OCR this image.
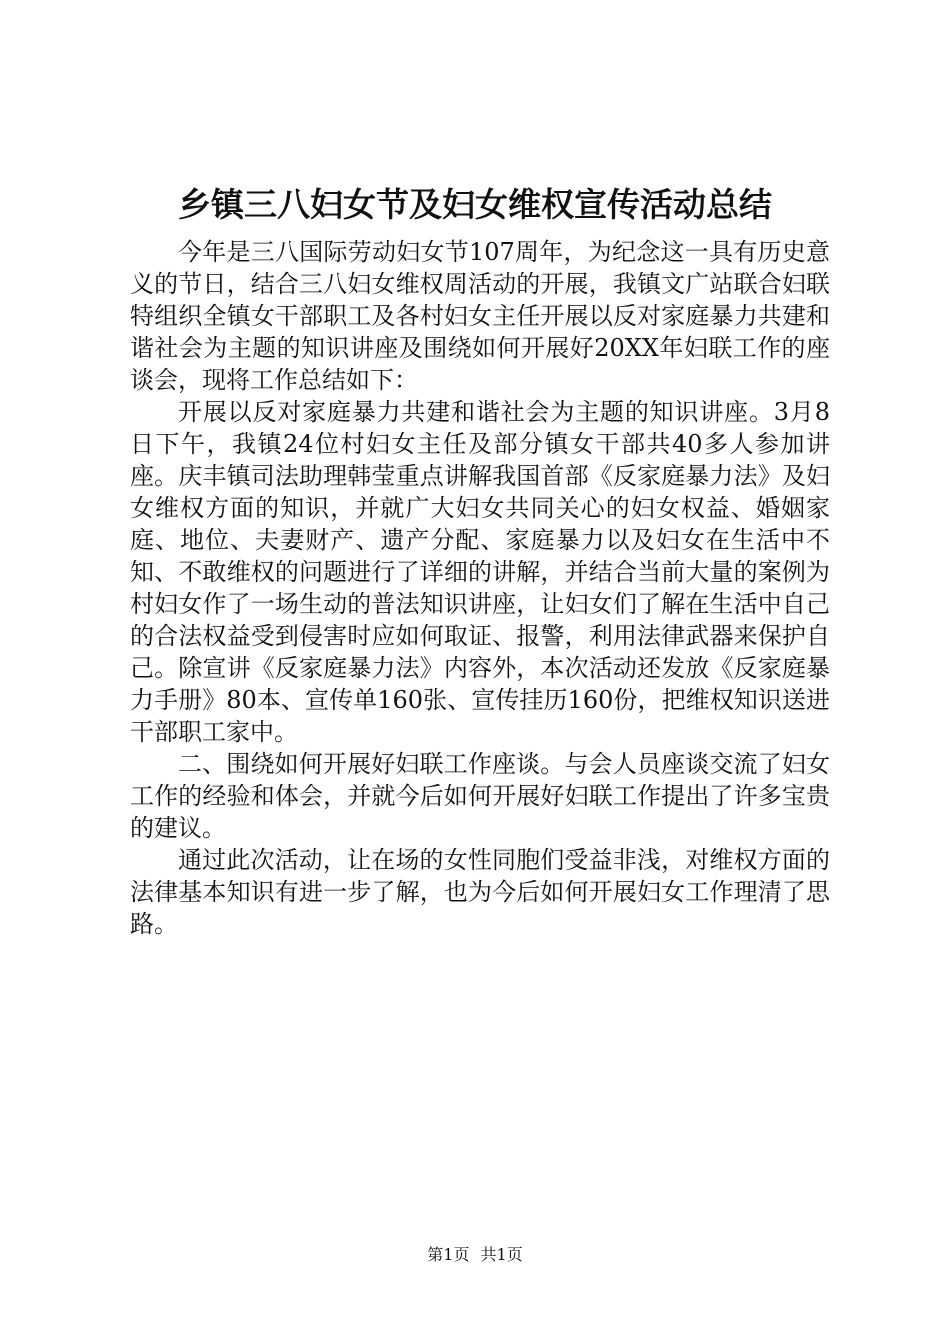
乡镇三八妇女节及妇女维权宣传活动总结

今年是三八国际劳动妇女节107周年，为纪念这一具有历史意义的节日，结合三八妇女维权周活动的开展，我镇文广站联合妇联特组织全镇女干部职工及各村妇女主任开展以反对家庭暴力共建和谐社会为主题的知识讲座及围绕如何开展好20XX年妇联工作的座谈会，现将工作总结如下：

开展以反对家庭暴力共建和谐社会为主题的知识讲座。3月8日下午，我镇24位村妇女主任及部分镇女干部共40多人参加讲座。庆丰镇司法助理韩莹重点讲解我国首部《反家庭暴力法》及妇女维权方面的知识，并就广大妇女共同关心的妇女权益、婚姻家庭、地位、夫妻财产、遗产分配、家庭暴力以及妇女在生活中不知、不敢维权的问题进行了详细的讲解，并结合当前大量的案例为村妇女作了一场生动的普法知识讲座，让妇女们了解在生活中自己的合法权益受到侵害时应如何取证、报警，利用法律武器来保护自己。除宣讲《反家庭暴力法》内容外，本次活动还发放《反家庭暴力手册》80本、宣传单160张、宣传挂历160份，把维权知识送进干部职工家中。

二、围绕如何开展好妇联工作座谈。与会人员座谈交流了妇女工作的经验和体会，并就今后如何开展好妇联工作提出了许多宝贵的建议。

通过此次活动，让在场的女性同胞们受益非浅，对维权方面的法律基本知识有进一步了解，也为今后如何开展妇女工作理清了思路。

第1页 共1页
